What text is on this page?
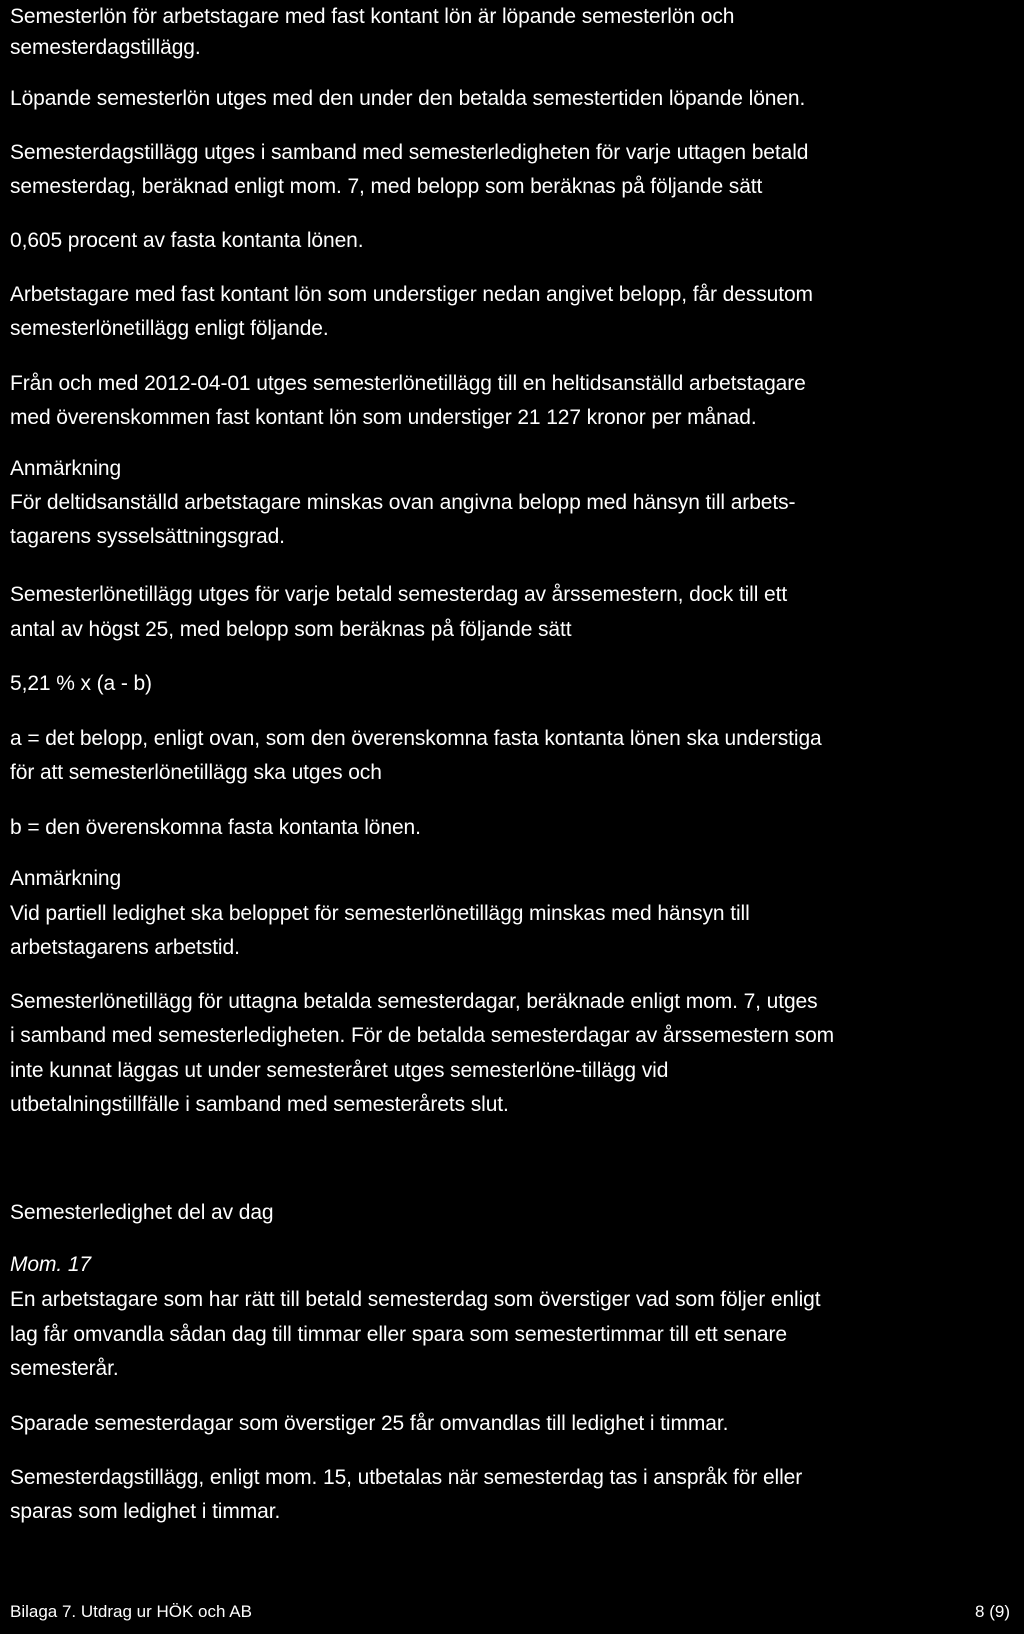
Semesterlön för arbetstagare med fast kontant lön är löpande semesterlön och

semesterdagstillägg.

Löpande semesterlön utges med den under den betalda semestertiden löpande lönen.

Semesterdagstillägg utges i samband med semesterledigheten för varje uttagen betald

semesterdag, beräknad enligt mom. 7, med belopp som beräknas på följande sätt

0,605 procent av fasta kontanta lönen.

Arbetstagare med fast kontant lön som understiger nedan angivet belopp, får dessutom

semesterlönetillägg enligt följande.

Från och med 2012-04-01 utges semesterlönetillägg till en heltidsanställd arbetstagare

med överenskommen fast kontant lön som understiger 21 127 kronor per månad.

Anmärkning

För deltidsanställd arbetstagare minskas ovan angivna belopp med hänsyn till arbets-

tagarens sysselsättningsgrad.

Semesterlönetillägg utges för varje betald semesterdag av årssemestern, dock till ett

antal av högst 25, med belopp som beräknas på följande sätt

5,21 % x (a - b)

a = det belopp, enligt ovan, som den överenskomna fasta kontanta lönen ska understiga

för att semesterlönetillägg ska utges och

b = den överenskomna fasta kontanta lönen.

Anmärkning

Vid partiell ledighet ska beloppet för semesterlönetillägg minskas med hänsyn till

arbetstagarens arbetstid.

Semesterlönetillägg för uttagna betalda semesterdagar, beräknade enligt mom. 7, utges

i samband med semesterledigheten. För de betalda semesterdagar av årssemestern som

inte kunnat läggas ut under semesteråret utges semesterlöne-tillägg vid

utbetalningstillfälle i samband med semesterårets slut.

Semesterledighet del av dag

Mom. 17

En arbetstagare som har rätt till betald semesterdag som överstiger vad som följer enligt

lag får omvandla sådan dag till timmar eller spara som semestertimmar till ett senare

semesterår.

Sparade semesterdagar som överstiger 25 får omvandlas till ledighet i timmar.

Semesterdagstillägg, enligt mom. 15, utbetalas när semesterdag tas i anspråk för eller

sparas som ledighet i timmar.

Bilaga 7. Utdrag ur HÖK och AB	8 (9)
